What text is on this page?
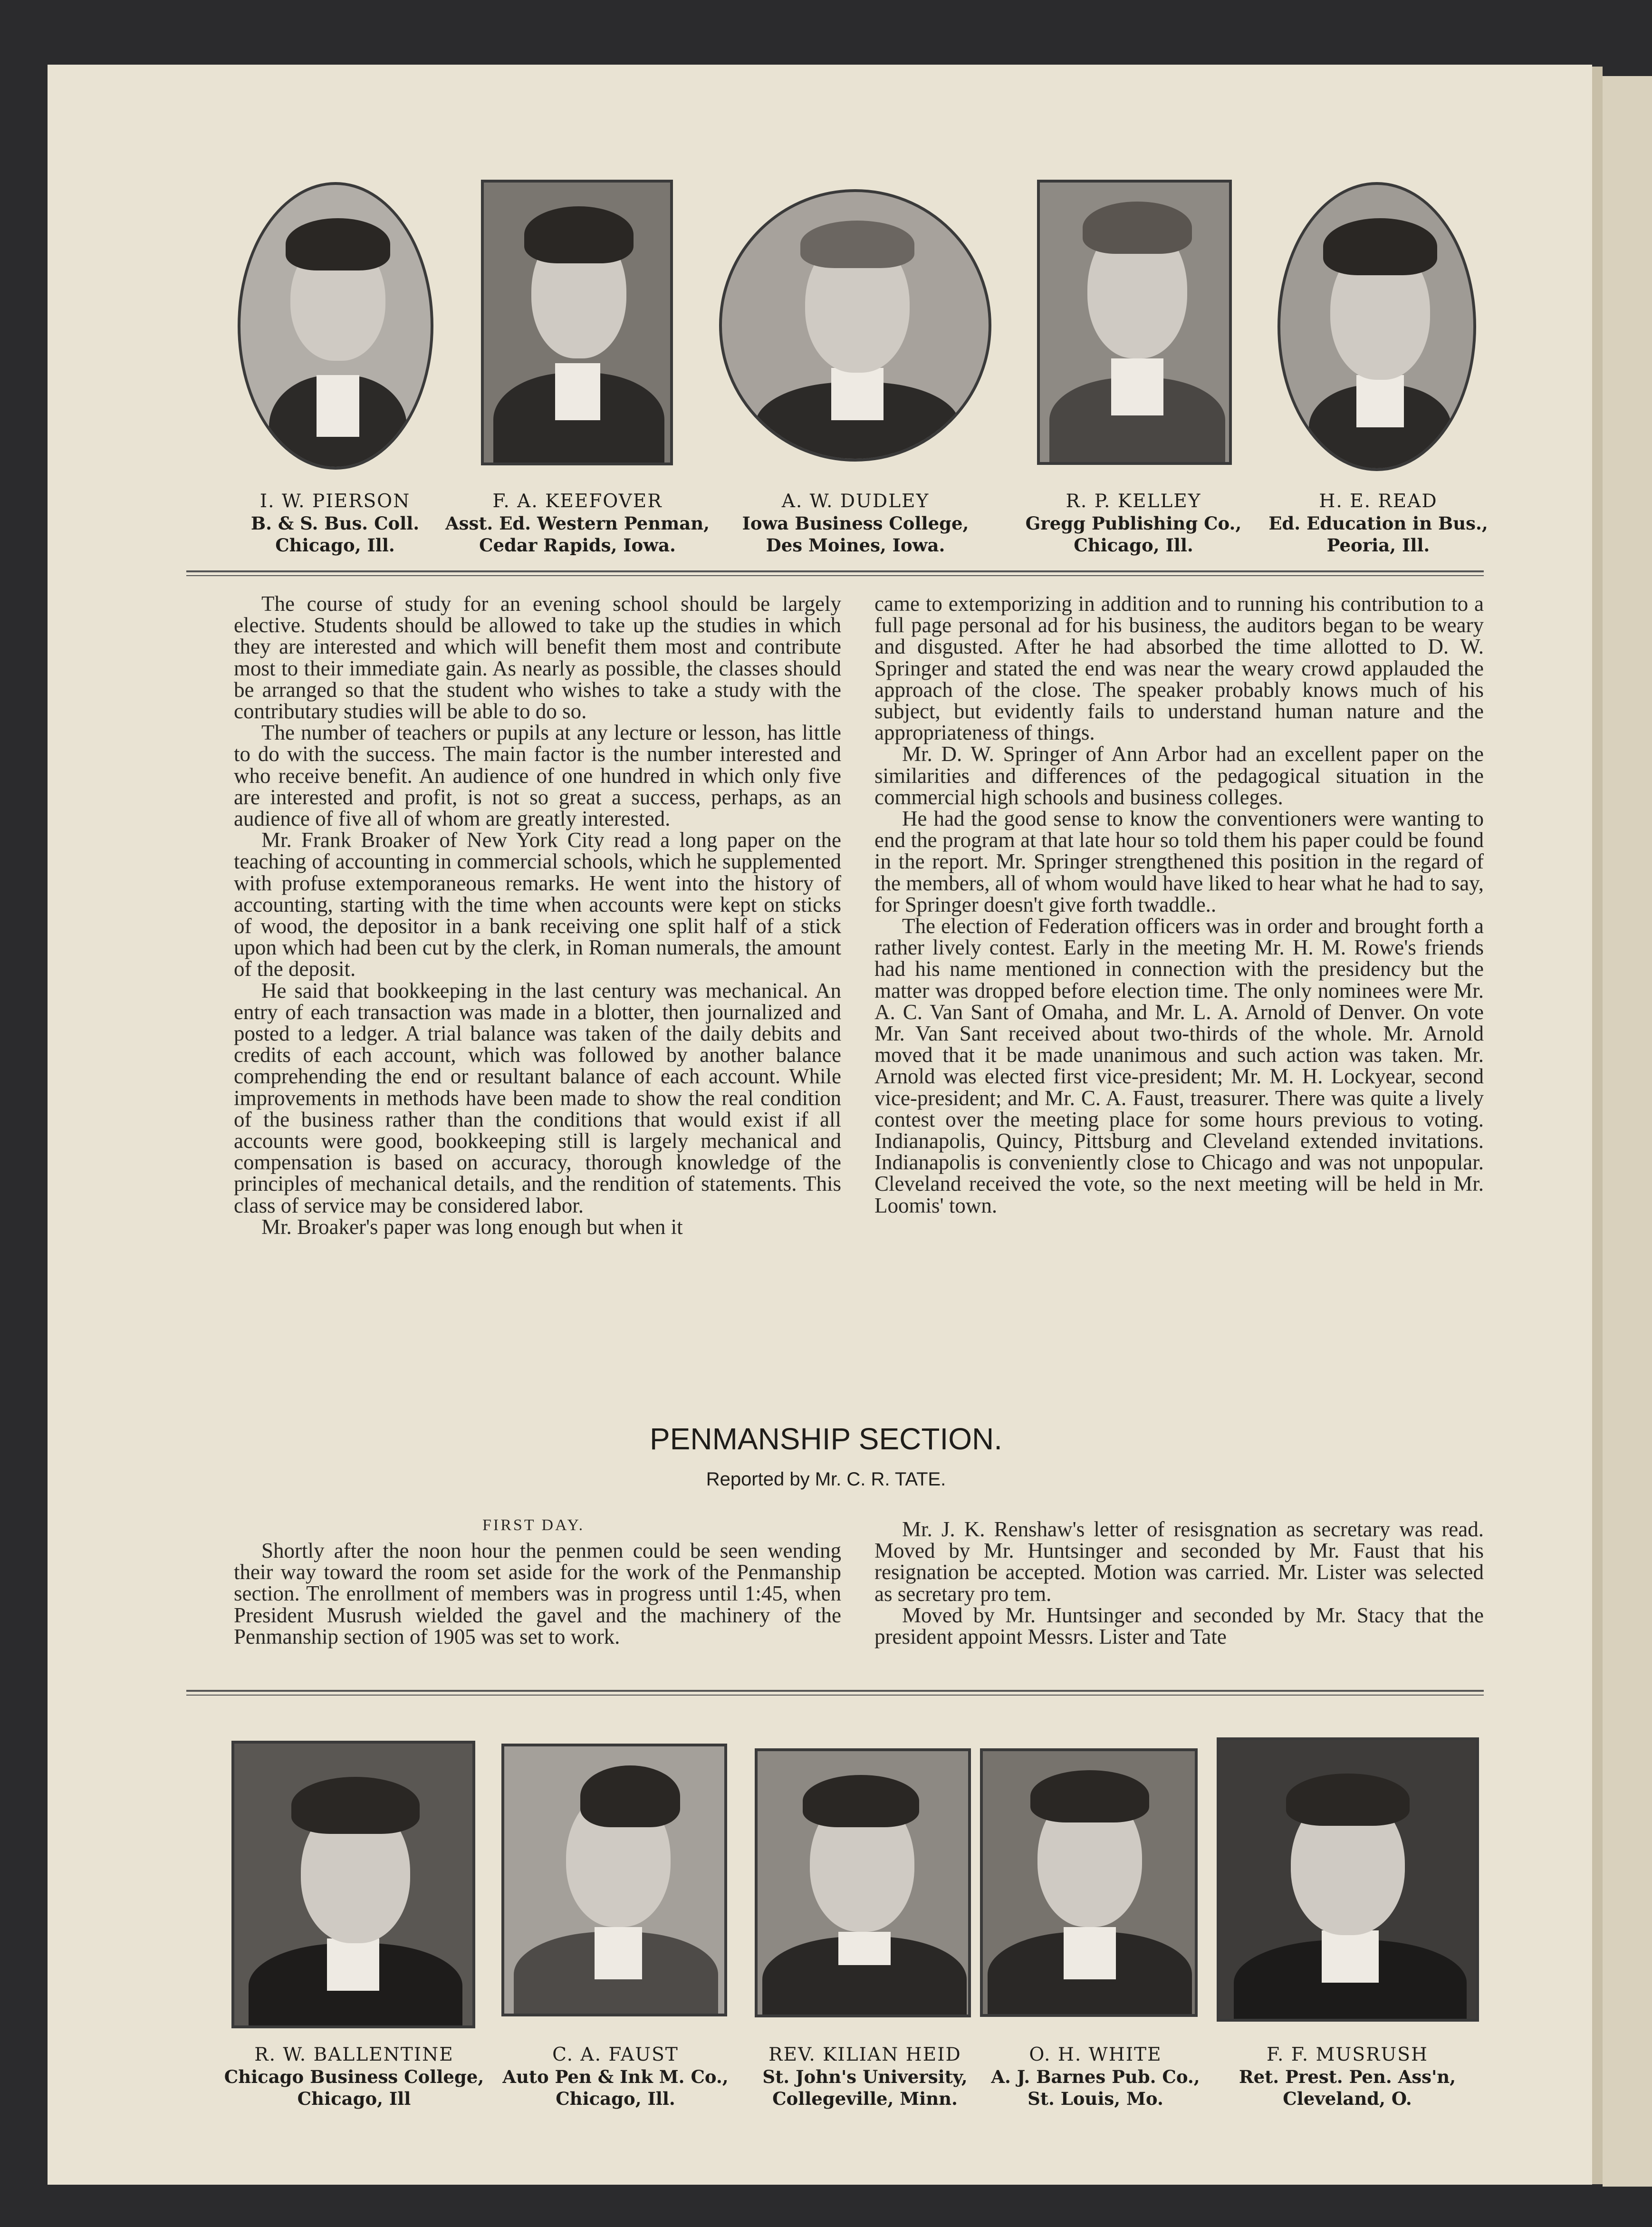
I. W. PIERSON
B. & S. Bus. Coll.
Chicago, Ill.
F. A. KEEFOVER
Asst. Ed. Western Penman,
Cedar Rapids, Iowa.
A. W. DUDLEY
Iowa Business College,
Des Moines, Iowa.
R. P. KELLEY
Gregg Publishing Co.,
Chicago, Ill.
H. E. READ
Ed. Education in Bus.,
Peoria, Ill.

The course of study for an evening school should be largely elective. Students should be allowed to take up the studies in which they are interested and which will benefit them most and contribute most to their immediate gain. As nearly as possible, the classes should be arranged so that the student who wishes to take a study with the contributary studies will be able to do so.

The number of teachers or pupils at any lecture or lesson, has little to do with the success. The main factor is the number interested and who receive benefit. An audience of one hundred in which only five are interested and profit, is not so great a success, perhaps, as an audience of five all of whom are greatly interested.

Mr. Frank Broaker of New York City read a long paper on the teaching of accounting in commercial schools, which he supplemented with profuse extemporaneous remarks. He went into the history of accounting, starting with the time when accounts were kept on sticks of wood, the depositor in a bank receiving one split half of a stick upon which had been cut by the clerk, in Roman numerals, the amount of the deposit.

He said that bookkeeping in the last century was mechanical. An entry of each transaction was made in a blotter, then journalized and posted to a ledger. A trial balance was taken of the daily debits and credits of each account, which was followed by another balance comprehending the end or resultant balance of each account. While improvements in methods have been made to show the real condition of the business rather than the conditions that would exist if all accounts were good, bookkeeping still is largely mechanical and compensation is based on accuracy, thorough knowledge of the principles of mechanical details, and the rendition of statements. This class of service may be considered labor.

Mr. Broaker's paper was long enough but when it

came to extemporizing in addition and to running his contribution to a full page personal ad for his business, the auditors began to be weary and disgusted. After he had absorbed the time allotted to D. W. Springer and stated the end was near the weary crowd applauded the approach of the close. The speaker probably knows much of his subject, but evidently fails to understand human nature and the appropriateness of things.

Mr. D. W. Springer of Ann Arbor had an excellent paper on the similarities and differences of the pedagogical situation in the commercial high schools and business colleges.

He had the good sense to know the conventioners were wanting to end the program at that late hour so told them his paper could be found in the report. Mr. Springer strengthened this position in the regard of the members, all of whom would have liked to hear what he had to say, for Springer doesn't give forth twaddle..

The election of Federation officers was in order and brought forth a rather lively contest. Early in the meeting Mr. H. M. Rowe's friends had his name mentioned in connection with the presidency but the matter was dropped before election time. The only nominees were Mr. A. C. Van Sant of Omaha, and Mr. L. A. Arnold of Denver. On vote Mr. Van Sant received about two-thirds of the whole. Mr. Arnold moved that it be made unanimous and such action was taken. Mr. Arnold was elected first vice-president; Mr. M. H. Lockyear, second vice-president; and Mr. C. A. Faust, treasurer. There was quite a lively contest over the meeting place for some hours previous to voting. Indianapolis, Quincy, Pittsburg and Cleveland extended invitations. Indianapolis is conveniently close to Chicago and was not unpopular. Cleveland received the vote, so the next meeting will be held in Mr. Loomis' town.

PENMANSHIP SECTION.
Reported by Mr. C. R. TATE.
FIRST DAY.

Shortly after the noon hour the penmen could be seen wending their way toward the room set aside for the work of the Penmanship section. The enrollment of members was in progress until 1:45, when President Musrush wielded the gavel and the machinery of the Penmanship section of 1905 was set to work.

Mr. J. K. Renshaw's letter of resisgnation as secretary was read. Moved by Mr. Huntsinger and seconded by Mr. Faust that his resignation be accepted. Motion was carried. Mr. Lister was selected as secretary pro tem.

Moved by Mr. Huntsinger and seconded by Mr. Stacy that the president appoint Messrs. Lister and Tate

R. W. BALLENTINE
Chicago Business College,
Chicago, Ill
C. A. FAUST
Auto Pen & Ink M. Co.,
Chicago, Ill.
REV. KILIAN HEID
St. John's University,
Collegeville, Minn.
O. H. WHITE
A. J. Barnes Pub. Co.,
St. Louis, Mo.
F. F. MUSRUSH
Ret. Prest. Pen. Ass'n,
Cleveland, O.
